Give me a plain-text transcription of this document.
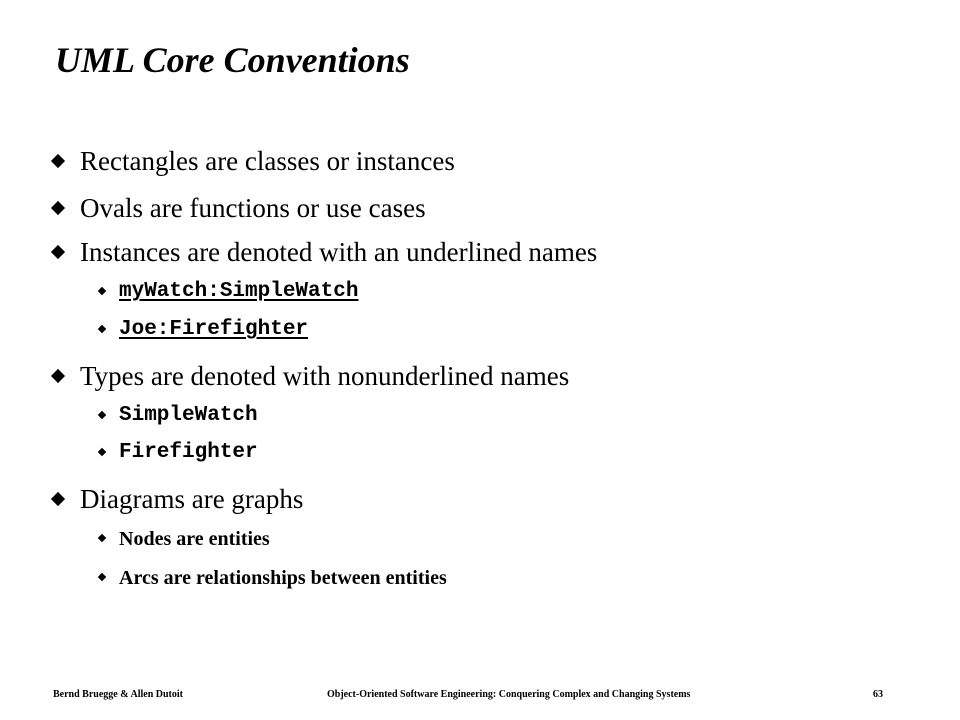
UML Core Conventions
Rectangles are classes or instances
Ovals are functions or use cases
Instances are denoted with an underlined names
myWatch:SimpleWatch
Joe:Firefighter
Types are denoted with nonunderlined names
SimpleWatch
Firefighter
Diagrams are graphs
Nodes are entities
Arcs are relationships between entities
Bernd Bruegge & Allen Dutoit	Object-Oriented Software Engineering: Conquering Complex and Changing Systems	63
